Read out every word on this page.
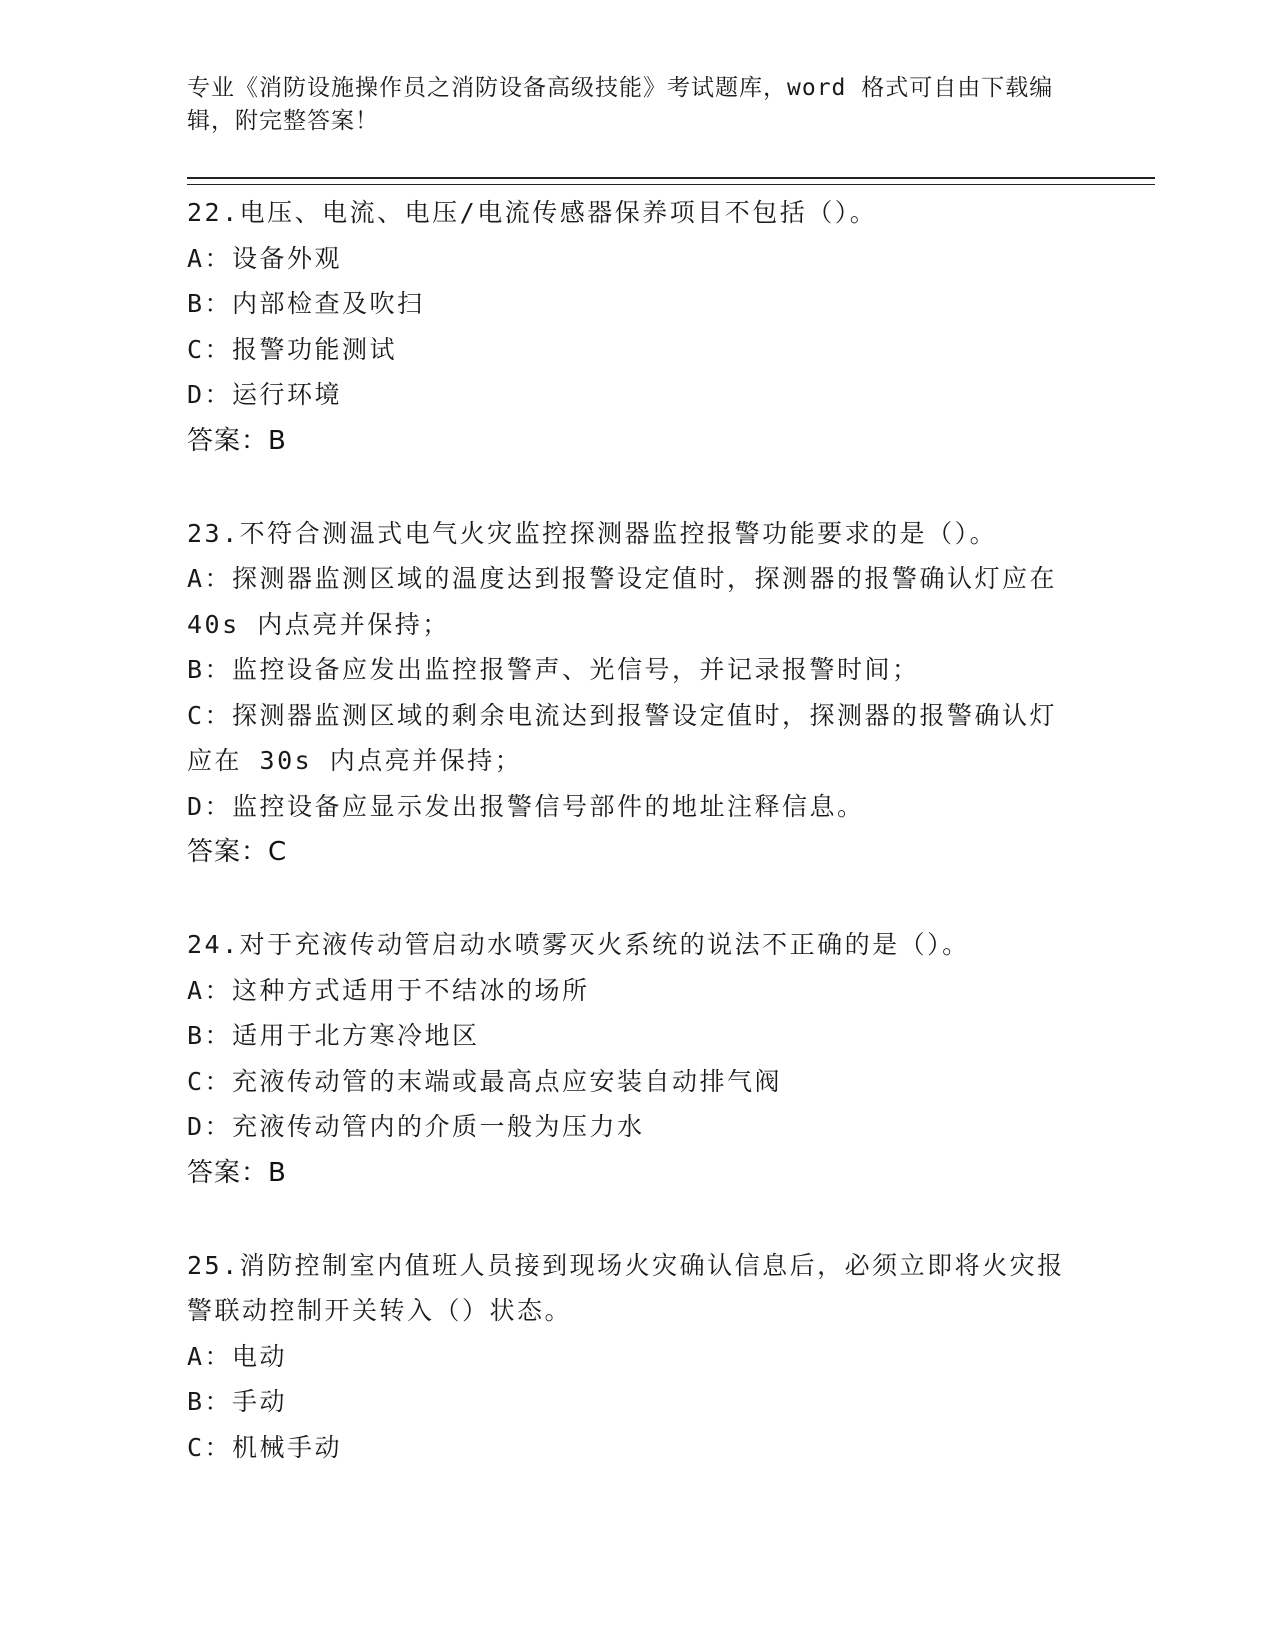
专业《消防设施操作员之消防设备高级技能》考试题库，word 格式可自由下载编
辑，附完整答案！
22.电压、电流、电压/电流传感器保养项目不包括（）。
A：设备外观
B：内部检查及吹扫
C：报警功能测试
D：运行环境
答案：B
23.不符合测温式电气火灾监控探测器监控报警功能要求的是（）。
A：探测器监测区域的温度达到报警设定值时，探测器的报警确认灯应在 40s 内点亮并保持；
B：监控设备应发出监控报警声、光信号，并记录报警时间；
C：探测器监测区域的剩余电流达到报警设定值时，探测器的报警确认灯应在 30s 内点亮并保持；
D：监控设备应显示发出报警信号部件的地址注释信息。
答案：C
24.对于充液传动管启动水喷雾灭火系统的说法不正确的是（）。
A：这种方式适用于不结冰的场所
B：适用于北方寒冷地区
C：充液传动管的末端或最高点应安装自动排气阀
D：充液传动管内的介质一般为压力水
答案：B
25.消防控制室内值班人员接到现场火灾确认信息后，必须立即将火灾报警联动控制开关转入（）状态。
A：电动
B：手动
C：机械手动
